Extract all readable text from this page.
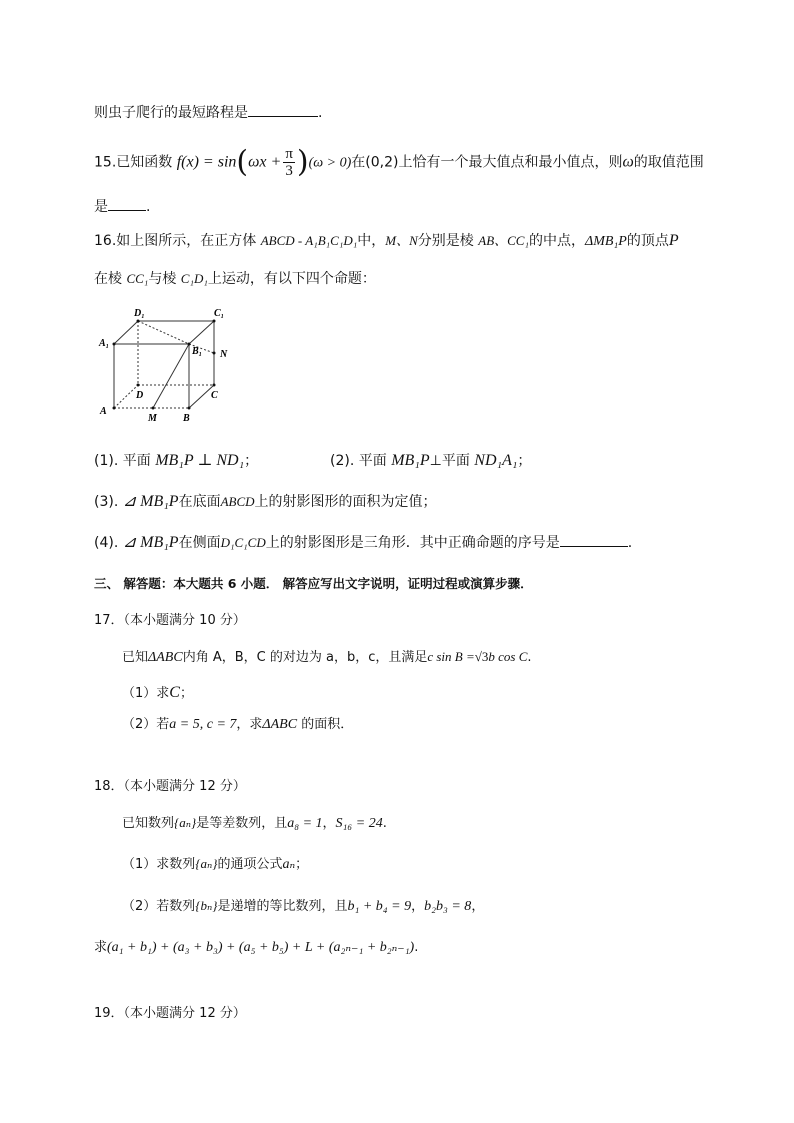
则虫子爬行的最短路程是	.
15.已知函数 $f(x) = \sin(\omega x + \frac{\pi}{3} )(\omega > 0)$在(0,2)上恰有一个最大值点和最小值点，则ω的取值范围
是	.
16.如上图所示，在正方体 ABCD - A₁B₁C₁D₁中，M、N分别是棱 AB、CC₁的中点，ΔMB₁P的顶点P
在棱 CC₁与棱 C₁D₁上运动，有以下四个命题：
D₁	C₁
A₁
B₁ N
D	C
A
M	B
(1). 平面 MB₁P ⊥ ND₁；	(2). 平面 MB₁P⊥平面 ND₁A₁；
(3). ⊿ MB₁P在底面ABCD上的射影图形的面积为定值；
(4). ⊿ MB₁P在侧面D₁C₁CD上的射影图形是三角形．其中正确命题的序号是	.
三、 解答题：本大题共 6 小题． 解答应写出文字说明，证明过程或演算步骤．
17．（本小题满分 10 分）
已知ΔABC内角 A，B，C 的对边为 a，b，c，且满足c sin B =√3b cos C.
（1）求C；
（2）若a = 5, c = 7，求ΔABC 的面积．
18．（本小题满分 12 分）
已知数列{aₙ}是等差数列，且a₈ = 1，S₁₆ = 24.
（1）求数列{aₙ}的通项公式aₙ；
（2）若数列{bₙ}是递增的等比数列，且b₁ + b₄ = 9，b₂b₃ = 8，
求(a₁ + b₁) + (a₃ + b₃) + (a₅ + b₅) + L + (a₂ₙ₋₁ + b₂ₙ₋₁).
19．（本小题满分 12 分）
